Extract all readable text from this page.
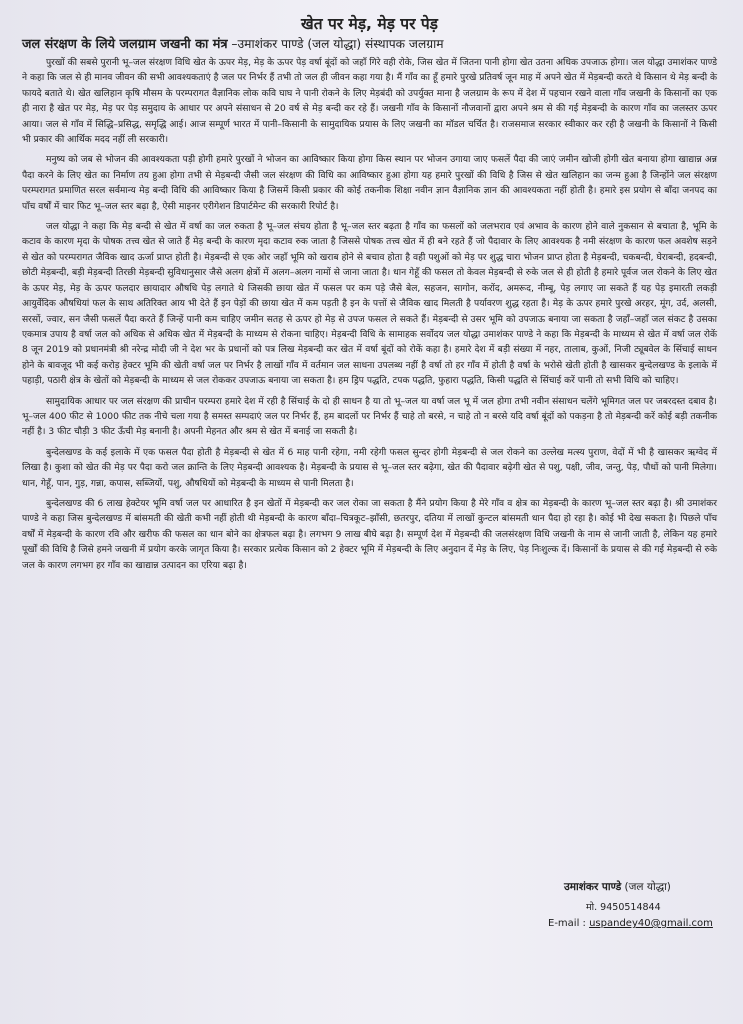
खेत पर मेड़, मेड़ पर पेड़
जल संरक्षण के लिये जलग्राम जखनी का मंत्र –उमाशंकर पाण्डे (जल योद्धा) संस्थापक जलग्राम

पुरखों की सबसे पुरानी भू–जल संरक्षण विधि खेत के ऊपर मेड़, मेड़ के ऊपर पेड़ वर्षा बूंदों को जहाँ गिरे वही रोके, जिस खेत में जितना पानी होगा खेत उतना अधिक उपजाऊ होगा। जल योद्धा उमाशंकर पाण्डे ने कहा कि जल से ही मानव जीवन की सभी आवश्यकताएं है जल पर निर्भर हैं तभी तो जल ही जीवन कहा गया है। मैं गाँव का हूँ हमारे पुरखे प्रतिवर्ष जून माह में अपने खेत में मेड़बन्दी करते थे किसान थे मेड़ बन्दी के फायदे बताते थे। खेत खलिहान कृषि मौसम के परम्परागत वैज्ञानिक लोक कवि घाघ ने पानी रोकने के लिए मेड़बंदी को उपर्युक्त माना है जलग्राम के रूप में देश में पहचान रखने वाला गाँव जखनी के किसानों का एक ही नारा है खेत पर मेड़, मेड़ पर पेड़ समुदाय के आधार पर अपने संसाधन से 20 वर्ष से मेड़ बन्दी कर रहे हैं। जखनी गाँव के किसानों नौजवानों द्वारा अपने श्रम से की गई मेड़बन्दी के कारण गाँव का जलस्तर ऊपर आया। जल से गाँव में सिद्धि–प्रसिद्ध, समृद्धि आई। आज सम्पूर्ण भारत में पानी–किसानी के सामुदायिक प्रयास के लिए जखनी का मॉडल चर्चित है। राजसमाज सरकार स्वीकार कर रही है जखनी के किसानों ने किसी भी प्रकार की आर्थिक मदद नहीं ली सरकारी।

मनुष्य को जब से भोजन की आवश्यकता पड़ी होगी हमारे पुरखों ने भोजन का आविष्कार किया होगा किस स्थान पर भोजन उगाया जाए फसलें पैदा की जाएं जमीन खोजी होगी खेत बनाया होगा खाद्यान्न अन्न पैदा करने के लिए खेत का निर्माण तय हुआ होगा तभी से मेड़बन्दी जैसी जल संरक्षण की विधि का आविष्कार हुआ होगा यह हमारे पुरखों की विधि है जिस से खेत खलिहान का जन्म हुआ है जिन्होंने जल संरक्षण परम्परागत प्रमाणित सरल सर्वमान्य मेड़ बन्दी विधि की आविष्कार किया है जिसमें किसी प्रकार की कोई तकनीक शिक्षा नवीन ज्ञान वैज्ञानिक ज्ञान की आवश्यकता नहीं होती है। हमारे इस प्रयोग से बाँदा जनपद का पाँच वर्षों में चार फिट भू–जल स्तर बढ़ा है, ऐसी माइनर एरीगेशन डिपार्टमेन्ट की सरकारी रिपोर्ट है।

जल योद्धा ने कहा कि मेड़ बन्दी से खेत में वर्षा का जल रुकता है भू–जल संचय होता है भू–जल स्तर बढ़ता है गाँव का फसलों को जलभराव एवं अभाव के कारण होने वाले नुकसान से बचाता है, भूमि के कटाव के कारण मृदा के पोषक तत्त्व खेत से जाते हैं मेड़ बन्दी के कारण मृदा कटाव रुक जाता है जिससे पोषक तत्त्व खेत में ही बने रहते हैं जो पैदावार के लिए आवश्यक है नमी संरक्षण के कारण फल अवशेष सड़ने से खेत को परम्परागत जैविक खाद ऊर्जा प्राप्त होती है। मेड़बन्दी से एक ओर जहाँ भूमि को खराब होने से बचाव होता है वही पशुओं को मेड़ पर शुद्ध चारा भोजन प्राप्त होता है मेड़बन्दी, चकबन्दी, घेराबन्दी, हदबन्दी, छोटी मेड़बन्दी, बड़ी मेड़बन्दी तिरछी मेड़बन्दी सुविधानुसार जैसे अलग क्षेत्रों में अलग–अलग नामों से जाना जाता है। धान गेहूँ की फसल तो केवल मेड़बन्दी से रुके जल से ही होती है हमारे पूर्वज जल रोकने के लिए खेत के ऊपर मेड़, मेड़ के ऊपर फलदार छायादार औषधि पेड़ लगाते थे जिसकी छाया खेत में फसल पर कम पड़े जैसे बेल, सहजन, सागोन, करोंद, अमरूद, नीम्बू, पेड़ लगाए जा सकते हैं यह पेड़ इमारती लकड़ी आयुर्वेदिक औषधियां फल के साथ अतिरिक्त आय भी देते हैं इन पेड़ों की छाया खेत में कम पड़ती है इन के पत्तों से जैविक खाद मिलती है पर्यावरण शुद्ध रहता है। मेड़ के ऊपर हमारे पुरखे अरहर, मूंग, उर्द, अलसी, सरसों, ज्वार, सन जैसी फसलें पैदा करते हैं जिन्हें पानी कम चाहिए जमीन सतह से ऊपर हो मेड़ से उपज फसल ले सकते हैं। मेड़बन्दी से उसर भूमि को उपजाऊ बनाया जा सकता है जहाँ–जहाँ जल संकट है उसका एकमात्र उपाय है वर्षा जल को अधिक से अधिक खेत में मेड़बन्दी के माध्यम से रोकना चाहिए। मेड़बन्दी विधि के सामाहक सर्वोदय जल योद्धा उमाशंकर पाण्डे ने कहा कि मेड़बन्दी के माध्यम से खेत में वर्षा जल रोकें 8 जून 2019 को प्रधानमंत्री श्री नरेन्द्र मोदी जी ने देश भर के प्रधानों को पत्र लिख मेड़बन्दी कर खेत में वर्षा बूंदों को रोकें कहा है। हमारे देश में बड़ी संख्या में नहर, तालाब, कुओं, निजी ट्यूबवेल के सिंचाई साधन होने के बावजूद भी कई करोड़ हेक्टर भूमि की खेती वर्षा जल पर निर्भर है लाखों गाँव में वर्तमान जल साधना उपलब्ध नहीं है वर्षा तो हर गाँव में होती है वर्षा के भरोसे खेती होती है खासकर बुन्देलखण्ड के इलाके में पहाड़ी, पठारी क्षेत्र के खेतों को मेड़बन्दी के माध्यम से जल रोककर उपजाऊ बनाया जा सकता है। हम ड्रिप पद्धति, टपक पद्धति, फुहारा पद्धति, किसी पद्धति से सिंचाई करें पानी तो सभी विधि को चाहिए।

सामुदायिक आधार पर जल संरक्षण की प्राचीन परम्परा हमारे देश में रही है सिंचाई के दो ही साधन है या तो भू–जल या वर्षा जल भू में जल होगा तभी नवीन संसाधन चलेंगे भूमिगत जल पर जबरदस्त दबाव है। भू–जल 400 फीट से 1000 फीट तक नीचे चला गया है समस्त सम्पदाएं जल पर निर्भर हैं, हम बादलों पर निर्भर हैं चाहे तो बरसे, न चाहे तो न बरसे यदि वर्षा बूंदों को पकड़ना है तो मेड़बन्दी करें कोई बड़ी तकनीक नहीं है। 3 फीट चौड़ी 3 फीट ऊँची मेड़ बनानी है। अपनी मेहनत और श्रम से खेत में बनाई जा सकती है।

बुन्देलखण्ड के कई इलाके में एक फसल पैदा होती है मेड़बन्दी से खेत में 6 माह पानी रहेगा, नमी रहेगी फसल सुन्दर होगी मेड़बन्दी से जल रोकने का उल्लेख मत्स्य पुराण, वेदों में भी है खासकर ऋग्वेद में लिखा है। कुशा को खेत की मेड़ पर पैदा करो जल क्रान्ति के लिए मेड़बन्दी आवश्यक है। मेड़बन्दी के प्रयास से भू–जल स्तर बढ़ेगा, खेत की पैदावार बढ़ेगी खेत से पशु, पक्षी, जीव, जन्तु, पेड़, पौधों को पानी मिलेगा। धान, गेहूँ, पान, गुड़, गन्ना, कपास, सब्जियों, पशु, औषधियों को मेड़बन्दी के माध्यम से पानी मिलता है।

बुन्देलखण्ड की 6 लाख हेक्टेयर भूमि वर्षा जल पर आधारित है इन खेतों में मेड़बन्दी कर जल रोका जा सकता है मैंने प्रयोग किया है मेरे गाँव व क्षेत्र का मेड़बन्दी के कारण भू–जल स्तर बढ़ा है। श्री उमाशंकर पाण्डे ने कहा जिस बुन्देलखण्ड में बांसमती की खेती कभी नहीं होती थी मेड़बन्दी के कारण बाँदा–चित्रकूट–झाँसी, छतरपुर, दतिया में लाखों कुन्टल बांसमती धान पैदा हो रहा है। कोई भी देख सकता है। पिछले पाँच वर्षों में मेड़बन्दी के कारण रवि और खरीफ की फसल का धान बोने का क्षेत्रफल बढ़ा है। लगभग 9 लाख बीघे बढ़ा है। सम्पूर्ण देश में मेड़बन्दी की जलसंरक्षण विधि जखनी के नाम से जानी जाती है, लेकिन यह हमारे पूर्खों की विधि है जिसे हमने जखनी में प्रयोग करके जागृत किया है। सरकार प्रत्येक किसान को 2 हेक्टर भूमि में मेड़बन्दी के लिए अनुदान दें मेड़ के लिए, पेड़ निःशुल्क दें। किसानों के प्रयास से की गई मेड़बन्दी से रुके जल के कारण लगभग हर गाँव का खाद्यान्न उत्पादन का एरिया बढ़ा है।

उमाशंकर पाण्डे (जल योद्धा)
मो. 9450514844
E-mail : uspandey40@gmail.com
